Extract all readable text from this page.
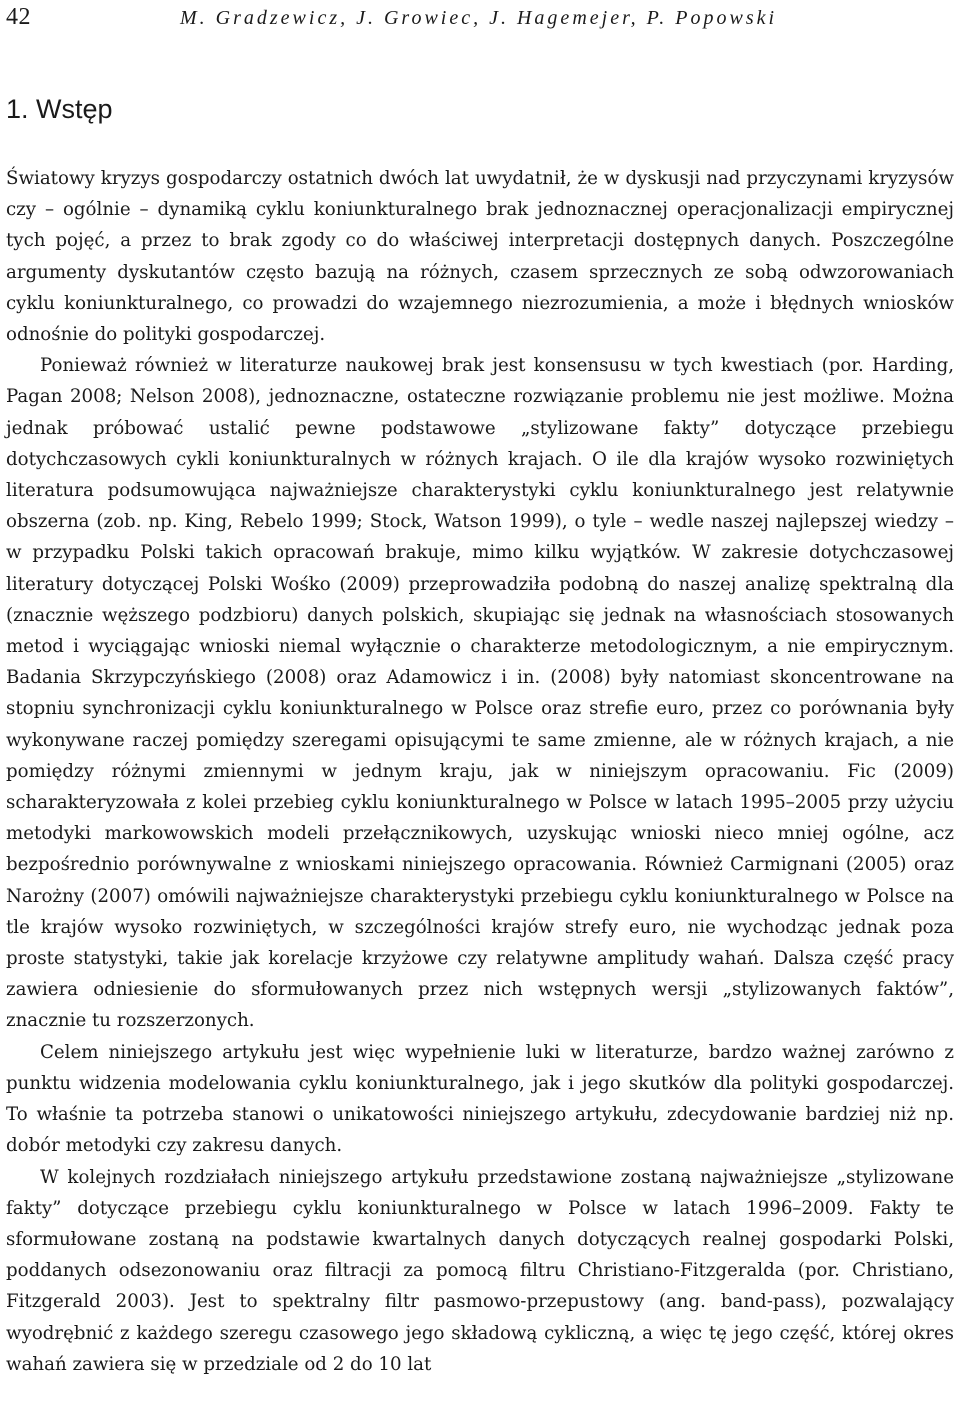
42	M. Gradzewicz, J. Growiec, J. Hagemejer, P. Popowski
1. Wstęp

Światowy kryzys gospodarczy ostatnich dwóch lat uwydatnił, że w dyskusji nad przyczynami kryzysów czy – ogólnie – dynamiką cyklu koniunkturalnego brak jednoznacznej operacjonalizacji empirycznej tych pojęć, a przez to brak zgody co do właściwej interpretacji dostępnych danych. Poszczególne argumenty dyskutantów często bazują na różnych, czasem sprzecznych ze sobą odwzorowaniach cyklu koniunkturalnego, co prowadzi do wzajemnego niezrozumienia, a może i błędnych wniosków odnośnie do polityki gospodarczej.

Ponieważ również w literaturze naukowej brak jest konsensusu w tych kwestiach (por. Harding, Pagan 2008; Nelson 2008), jednoznaczne, ostateczne rozwiązanie problemu nie jest możliwe. Można jednak próbować ustalić pewne podstawowe „stylizowane fakty” dotyczące przebiegu dotychczasowych cykli koniunkturalnych w różnych krajach. O ile dla krajów wysoko rozwiniętych literatura podsumowująca najważniejsze charakterystyki cyklu koniunkturalnego jest relatywnie obszerna (zob. np. King, Rebelo 1999; Stock, Watson 1999), o tyle – wedle naszej najlepszej wiedzy – w przypadku Polski takich opracowań brakuje, mimo kilku wyjątków. W zakresie dotychczasowej literatury dotyczącej Polski Wośko (2009) przeprowadziła podobną do naszej analizę spektralną dla (znacznie węższego podzbioru) danych polskich, skupiając się jednak na własnościach stosowanych metod i wyciągając wnioski niemal wyłącznie o charakterze metodologicznym, a nie empirycznym. Badania Skrzypczyńskiego (2008) oraz Adamowicz i in. (2008) były natomiast skoncentrowane na stopniu synchronizacji cyklu koniunkturalnego w Polsce oraz strefie euro, przez co porównania były wykonywane raczej pomiędzy szeregami opisującymi te same zmienne, ale w różnych krajach, a nie pomiędzy różnymi zmiennymi w jednym kraju, jak w niniejszym opracowaniu. Fic (2009) scharakteryzowała z kolei przebieg cyklu koniunkturalnego w Polsce w latach 1995–2005 przy użyciu metodyki markowowskich modeli przełącznikowych, uzyskując wnioski nieco mniej ogólne, acz bezpośrednio porównywalne z wnioskami niniejszego opracowania. Również Carmignani (2005) oraz Narożny (2007) omówili najważniejsze charakterystyki przebiegu cyklu koniunkturalnego w Polsce na tle krajów wysoko rozwiniętych, w szczególności krajów strefy euro, nie wychodząc jednak poza proste statystyki, takie jak korelacje krzyżowe czy relatywne amplitudy wahań. Dalsza część pracy zawiera odniesienie do sformułowanych przez nich wstępnych wersji „stylizowanych faktów”, znacznie tu rozszerzonych.

Celem niniejszego artykułu jest więc wypełnienie luki w literaturze, bardzo ważnej zarówno z punktu widzenia modelowania cyklu koniunkturalnego, jak i jego skutków dla polityki gospodarczej. To właśnie ta potrzeba stanowi o unikatowości niniejszego artykułu, zdecydowanie bardziej niż np. dobór metodyki czy zakresu danych.

W kolejnych rozdziałach niniejszego artykułu przedstawione zostaną najważniejsze „stylizowane fakty” dotyczące przebiegu cyklu koniunkturalnego w Polsce w latach 1996–2009. Fakty te sformułowane zostaną na podstawie kwartalnych danych dotyczących realnej gospodarki Polski, poddanych odsezonowaniu oraz filtracji za pomocą filtru Christiano-Fitzgeralda (por. Christiano, Fitzgerald 2003). Jest to spektralny filtr pasmowo-przepustowy (ang. band-pass), pozwalający wyodrębnić z każdego szeregu czasowego jego składową cykliczną, a więc tę jego część, której okres wahań zawiera się w przedziale od 2 do 10 lat
